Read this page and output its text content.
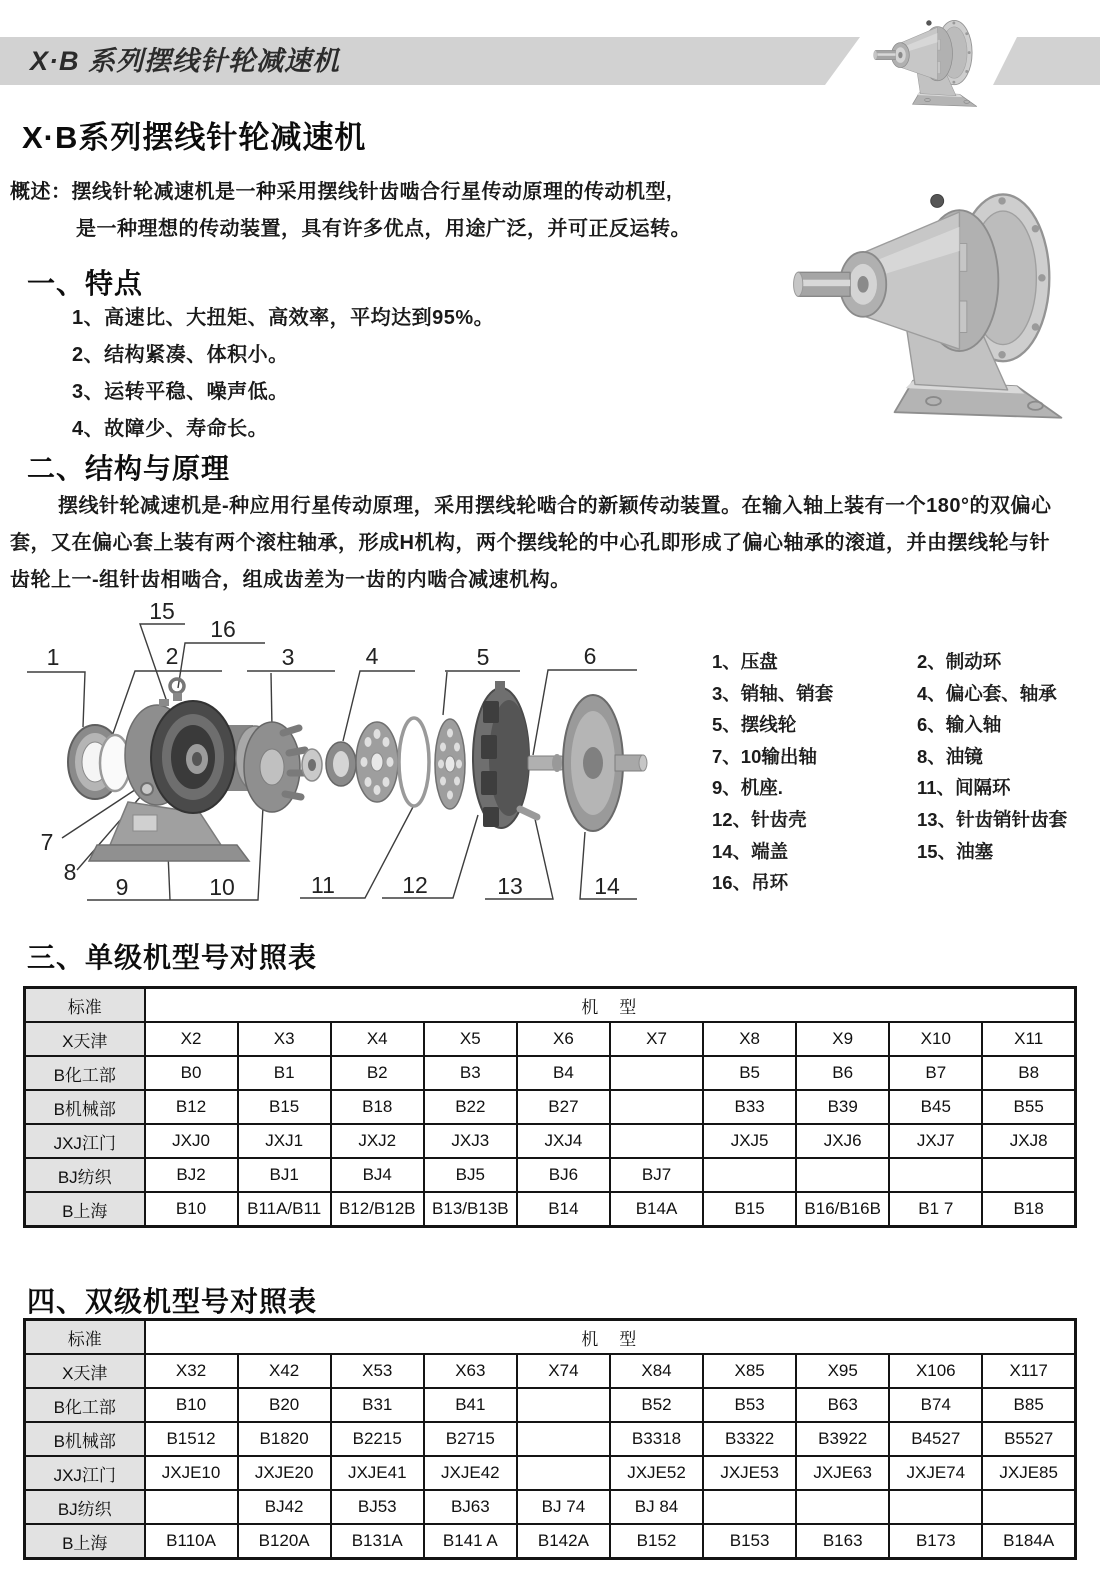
X·B 系列摆线针轮减速机
X·B系列摆线针轮减速机
概述：摆线针轮减速机是一种采用摆线针齿啮合行星传动原理的传动机型,
是一种理想的传动装置，具有许多优点，用途广泛，并可正反运转。
一、特点
1、高速比、大扭矩、高效率，平均达到95%。
2、结构紧凑、体积小。
3、运转平稳、噪声低。
4、故障少、寿命长。
二、结构与原理
摆线针轮减速机是-种应用行星传动原理，采用摆线轮啮合的新颖传动装置。在输入轴上装有一个180°的双偏心
套，又在偏心套上装有两个滚柱轴承，形成H机构，两个摆线轮的中心孔即形成了偏心轴承的滚道，并由摆线轮与针
齿轮上一-组针齿相啮合，组成齿差为一齿的内啮合减速机构。
1	2	3	4	5	6
7
8
9	10	11	12	13	14
15
16
1、压盘
3、销轴、销套
5、摆线轮
7、10输出轴
9、机座.
12、针齿壳
14、端盖
16、吊环
2、制动环
4、偏心套、轴承
6、输入轴
8、油镜
11、间隔环
13、针齿销针齿套
15、油塞
三、单级机型号对照表
标准	机　型									
X天津	X2	X3	X4	X5	X6	X7	X8	X9	X10	X11
B化工部	B0	B1	B2	B3	B4		B5	B6	B7	B8
B机械部	B12	B15	B18	B22	B27		B33	B39	B45	B55
JXJ江门	JXJ0	JXJ1	JXJ2	JXJ3	JXJ4		JXJ5	JXJ6	JXJ7	JXJ8
BJ纺织	BJ2	BJ1	BJ4	BJ5	BJ6	BJ7				
B上海	B10	B11A/B11	B12/B12B	B13/B13B	B14	B14A	B15	B16/B16B	B1 7	B18
四、双级机型号对照表
标准	机　型									
X天津	X32	X42	X53	X63	X74	X84	X85	X95	X106	X117
B化工部	B10	B20	B31	B41		B52	B53	B63	B74	B85
B机械部	B1512	B1820	B2215	B2715		B3318	B3322	B3922	B4527	B5527
JXJ江门	JXJE10	JXJE20	JXJE41	JXJE42		JXJE52	JXJE53	JXJE63	JXJE74	JXJE85
BJ纺织		BJ42	BJ53	BJ63	BJ 74	BJ 84				
B上海	B110A	B120A	B131A	B141 A	B142A	B152	B153	B163	B173	B184A
